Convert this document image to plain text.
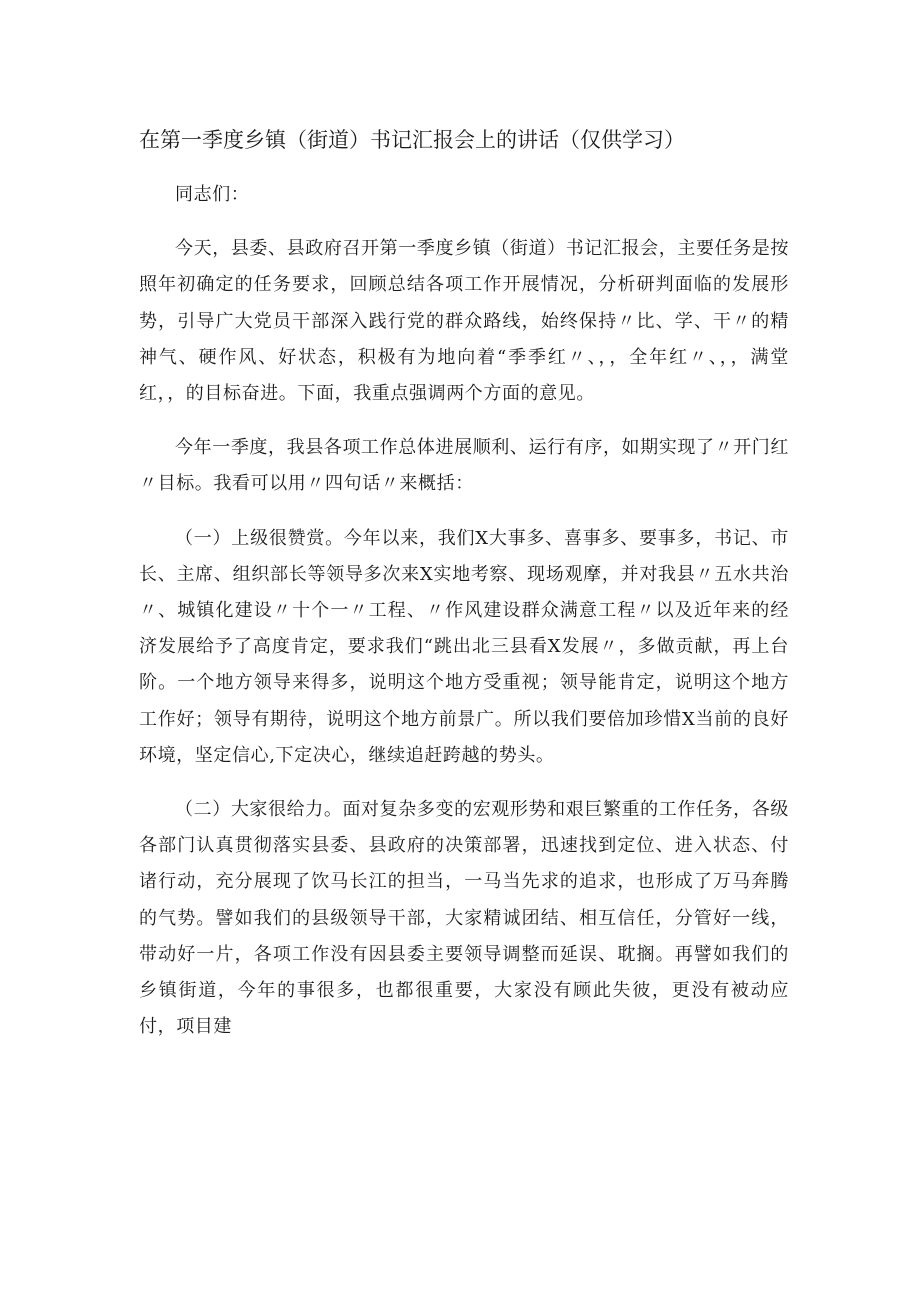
在第一季度乡镇（街道）书记汇报会上的讲话（仅供学习）

同志们：

今天，县委、县政府召开第一季度乡镇（街道）书记汇报会，主要任务是按照年初确定的任务要求，回顾总结各项工作开展情况，分析研判面临的发展形势，引导广大党员干部深入践行党的群众路线，始终保持〃比、学、干〃的精神气、硬作风、好状态，积极有为地向着“季季红〃、，，全年红〃、，，满堂红，，的目标奋进。下面，我重点强调两个方面的意见。

今年一季度，我县各项工作总体进展顺利、运行有序，如期实现了〃开门红〃目标。我看可以用〃四句话〃来概括：

（一）上级很赞赏。今年以来，我们X大事多、喜事多、要事多，书记、市长、主席、组织部长等领导多次来X实地考察、现场观摩，并对我县〃五水共治〃、城镇化建设〃十个一〃工程、〃作风建设群众满意工程〃以及近年来的经济发展给予了高度肯定，要求我们“跳出北三县看X发展〃，多做贡献，再上台阶。一个地方领导来得多，说明这个地方受重视；领导能肯定，说明这个地方工作好；领导有期待，说明这个地方前景广。所以我们要倍加珍惜X当前的良好环境，坚定信心,下定决心，继续追赶跨越的势头。

（二）大家很给力。面对复杂多变的宏观形势和艰巨繁重的工作任务，各级各部门认真贯彻落实县委、县政府的决策部署，迅速找到定位、进入状态、付诸行动，充分展现了饮马长江的担当，一马当先求的追求，也形成了万马奔腾的气势。譬如我们的县级领导干部，大家精诚团结、相互信任，分管好一线，带动好一片，各项工作没有因县委主要领导调整而延误、耽搁。再譬如我们的乡镇街道，今年的事很多，也都很重要，大家没有顾此失彼，更没有被动应付，项目建
